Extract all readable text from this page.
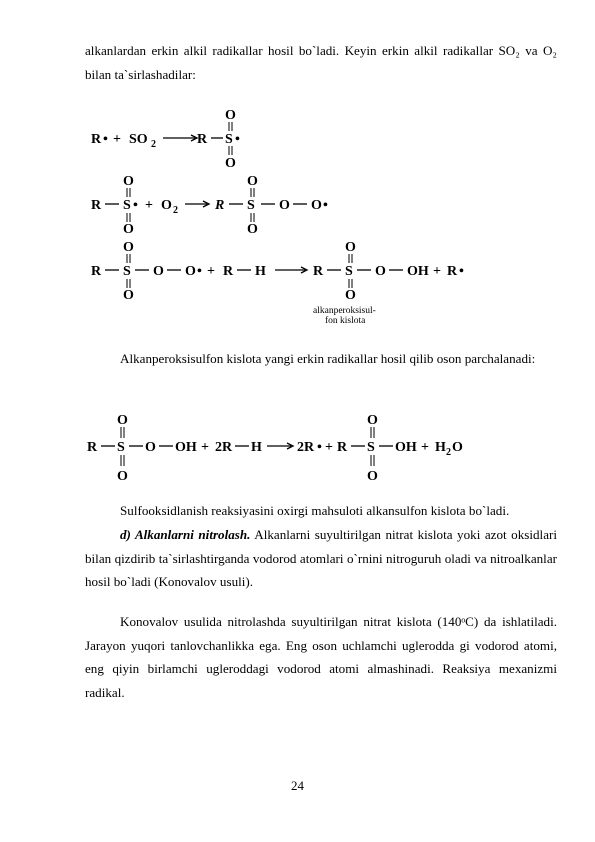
alkanlardan erkin alkil radikallar hosil bo`ladi. Keyin erkin alkil radikallar SO₂ va O₂ bilan ta`sirlashadilar:

R • + SO 2	R S •
O
O
O
R S •
O
+ O 2	R S
O
O
O O •
O
R S
O
O O • + R H	R S
O
O
O OH + R •
alkanperoksisul-
fon kislota

Alkanperoksisulfon kislota yangi erkin radikallar hosil qilib oson parchalanadi:

O
R S
O
O OH + 2R H	2R • + R S
O
O
OH + H 2 O

Sulfooksidlanish reaksiyasini oxirgi mahsuloti alkansulfon kislota bo`ladi.

d) Alkanlarni nitrolash. Alkanlarni suyultirilgan nitrat kislota yoki azot oksidlari bilan qizdirib ta`sirlashtirganda vodorod atomlari o`rnini nitroguruh oladi va nitroalkanlar hosil bo`ladi (Konovalov usuli).

Konovalov usulida nitrolashda suyultirilgan nitrat kislota (140ᵒC) da ishlatiladi. Jarayon yuqori tanlovchanlikka ega. Eng oson uchlamchi uglerodda gi vodorod atomi, eng qiyin birlamchi ugleroddagi vodorod atomi almashinadi. Reaksiya mexanizmi radikal.

24
